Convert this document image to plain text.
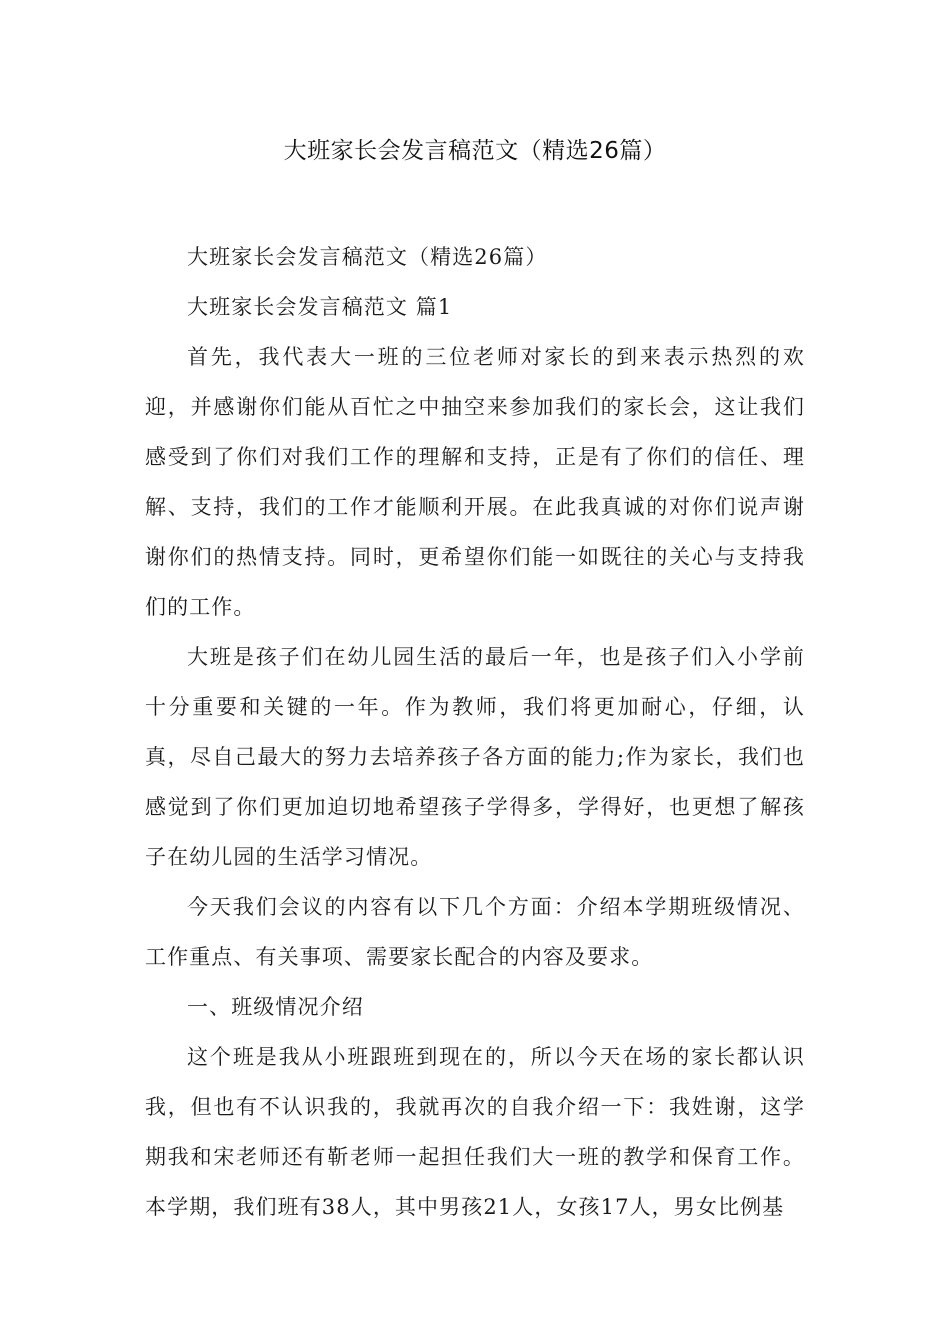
大班家长会发言稿范文（精选26篇）

大班家长会发言稿范文（精选26篇）

大班家长会发言稿范文 篇1

首先，我代表大一班的三位老师对家长的到来表示热烈的欢迎，并感谢你们能从百忙之中抽空来参加我们的家长会，这让我们感受到了你们对我们工作的理解和支持，正是有了你们的信任、理解、支持，我们的工作才能顺利开展。在此我真诚的对你们说声谢谢你们的热情支持。同时，更希望你们能一如既往的关心与支持我们的工作。

大班是孩子们在幼儿园生活的最后一年，也是孩子们入小学前十分重要和关键的一年。作为教师，我们将更加耐心，仔细，认真，尽自己最大的努力去培养孩子各方面的能力;作为家长，我们也感觉到了你们更加迫切地希望孩子学得多，学得好，也更想了解孩子在幼儿园的生活学习情况。

今天我们会议的内容有以下几个方面：介绍本学期班级情况、工作重点、有关事项、需要家长配合的内容及要求。

一、班级情况介绍

这个班是我从小班跟班到现在的，所以今天在场的家长都认识我，但也有不认识我的，我就再次的自我介绍一下：我姓谢，这学期我和宋老师还有靳老师一起担任我们大一班的教学和保育工作。本学期，我们班有38人，其中男孩21人，女孩17人，男女比例基
